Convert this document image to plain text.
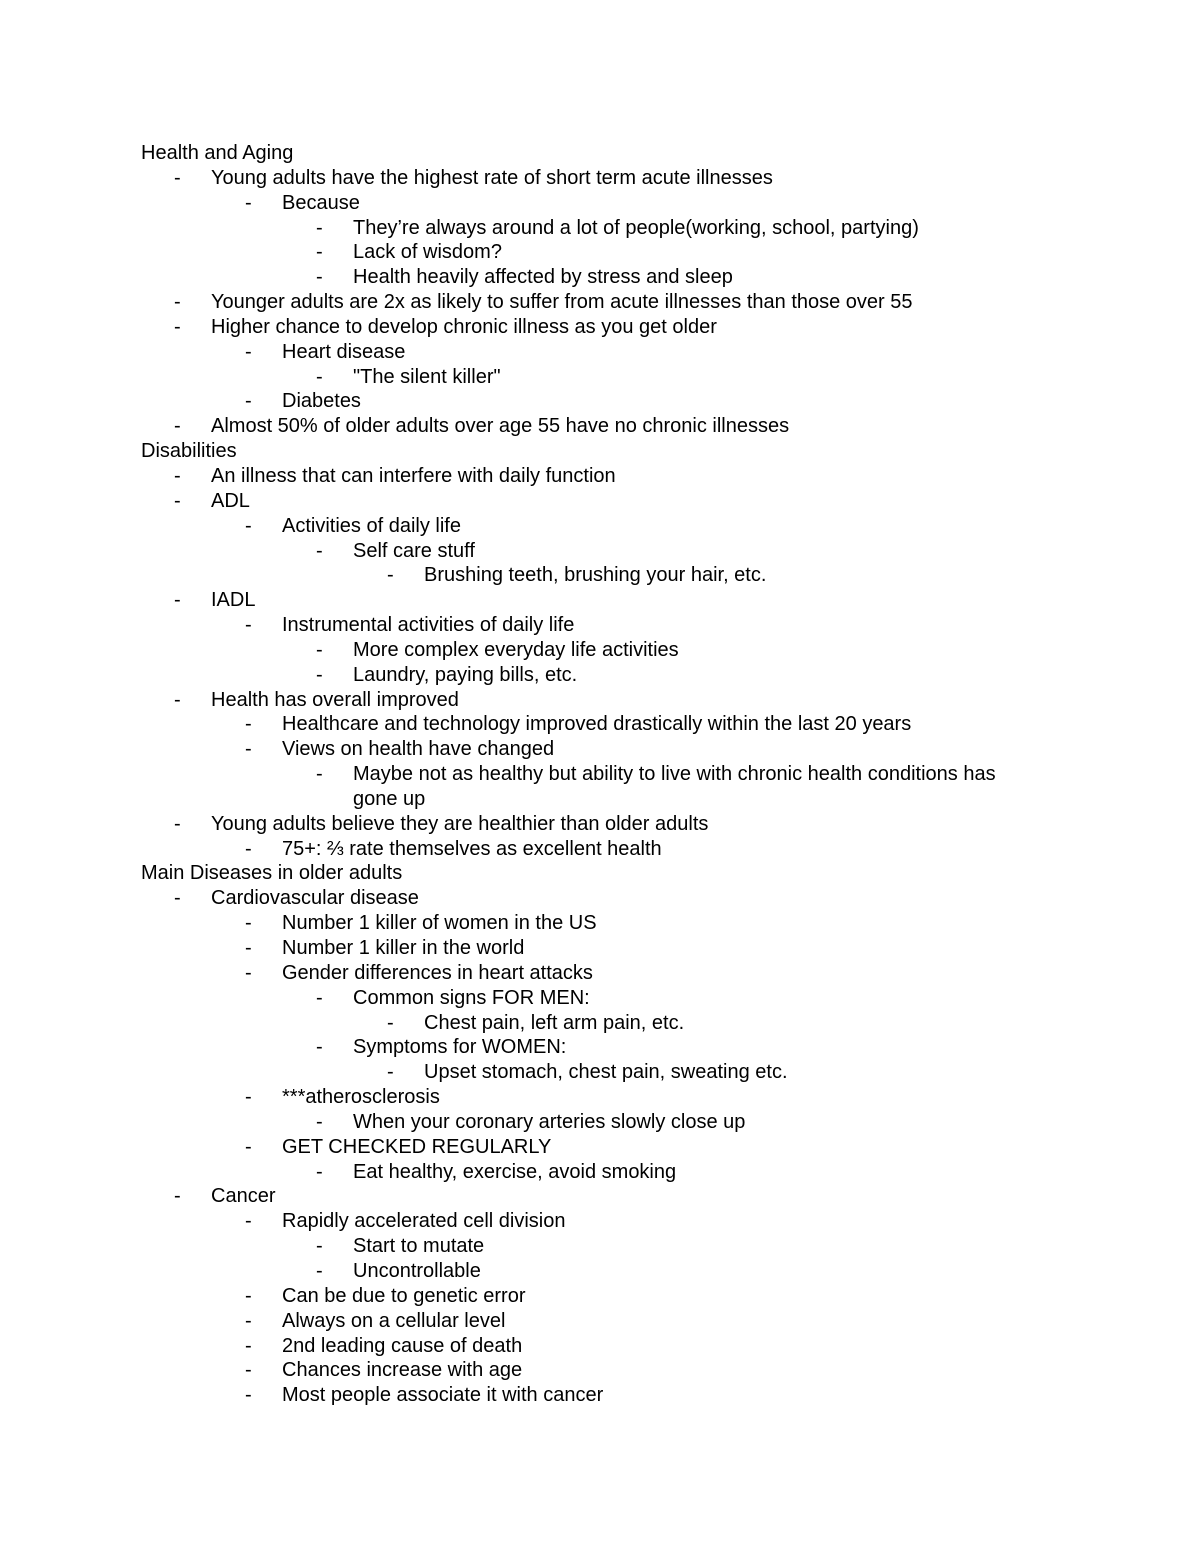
Health and Aging
- Young adults have the highest rate of short term acute illnesses
- Because
- They’re always around a lot of people(working, school, partying)
- Lack of wisdom?
- Health heavily affected by stress and sleep
- Younger adults are 2x as likely to suffer from acute illnesses than those over 55
- Higher chance to develop chronic illness as you get older
- Heart disease
- "The silent killer"
- Diabetes
- Almost 50% of older adults over age 55 have no chronic illnesses
Disabilities
- An illness that can interfere with daily function
- ADL
- Activities of daily life
- Self care stuff
- Brushing teeth, brushing your hair, etc.
- IADL
- Instrumental activities of daily life
- More complex everyday life activities
- Laundry, paying bills, etc.
- Health has overall improved
- Healthcare and technology improved drastically within the last 20 years
- Views on health have changed
- Maybe not as healthy but ability to live with chronic health conditions has
gone up
- Young adults believe they are healthier than older adults
- 75+: ⅔ rate themselves as excellent health
Main Diseases in older adults
- Cardiovascular disease
- Number 1 killer of women in the US
- Number 1 killer in the world
- Gender differences in heart attacks
- Common signs FOR MEN:
- Chest pain, left arm pain, etc.
- Symptoms for WOMEN:
- Upset stomach, chest pain, sweating etc.
- ***atherosclerosis
- When your coronary arteries slowly close up
- GET CHECKED REGULARLY
- Eat healthy, exercise, avoid smoking
- Cancer
- Rapidly accelerated cell division
- Start to mutate
- Uncontrollable
- Can be due to genetic error
- Always on a cellular level
- 2nd leading cause of death
- Chances increase with age
- Most people associate it with cancer
